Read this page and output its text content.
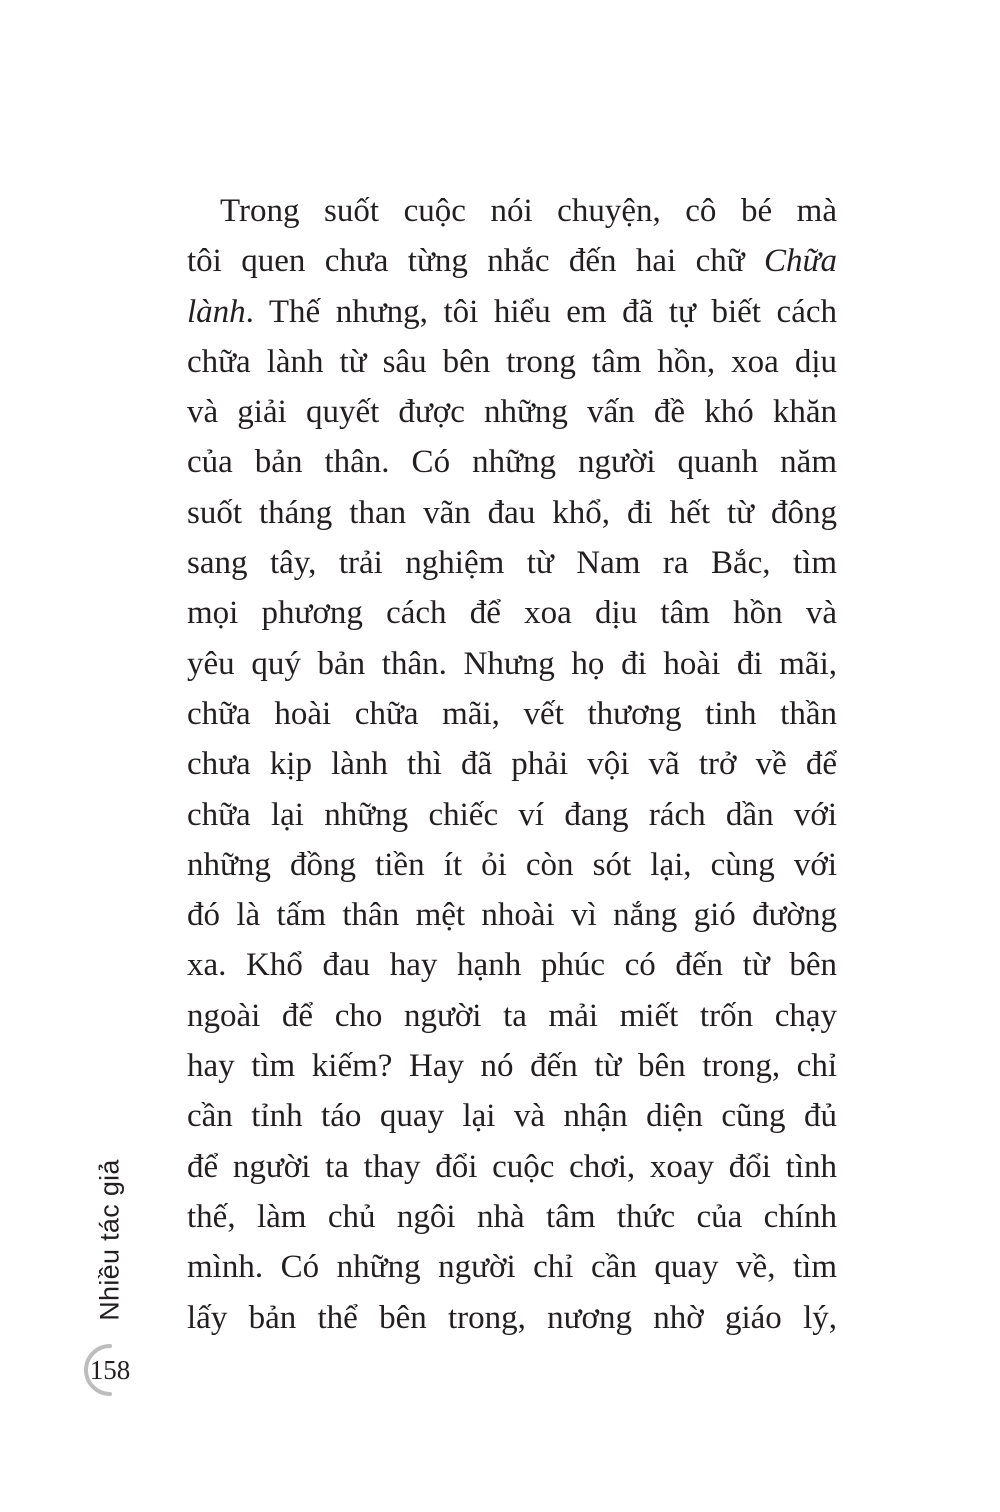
Trong suốt cuộc nói chuyện, cô bé mà
tôi quen chưa từng nhắc đến hai chữ Chữa
lành. Thế nhưng, tôi hiểu em đã tự biết cách
chữa lành từ sâu bên trong tâm hồn, xoa dịu
và giải quyết được những vấn đề khó khăn
của bản thân. Có những người quanh năm
suốt tháng than vãn đau khổ, đi hết từ đông
sang tây, trải nghiệm từ Nam ra Bắc, tìm
mọi phương cách để xoa dịu tâm hồn và
yêu quý bản thân. Nhưng họ đi hoài đi mãi,
chữa hoài chữa mãi, vết thương tinh thần
chưa kịp lành thì đã phải vội vã trở về để
chữa lại những chiếc ví đang rách dần với
những đồng tiền ít ỏi còn sót lại, cùng với
đó là tấm thân mệt nhoài vì nắng gió đường
xa. Khổ đau hay hạnh phúc có đến từ bên
ngoài để cho người ta mải miết trốn chạy
hay tìm kiếm? Hay nó đến từ bên trong, chỉ
cần tỉnh táo quay lại và nhận diện cũng đủ
để người ta thay đổi cuộc chơi, xoay đổi tình
thế, làm chủ ngôi nhà tâm thức của chính
mình. Có những người chỉ cần quay về, tìm
lấy bản thể bên trong, nương nhờ giáo lý,
Nhiều tác giả
158
